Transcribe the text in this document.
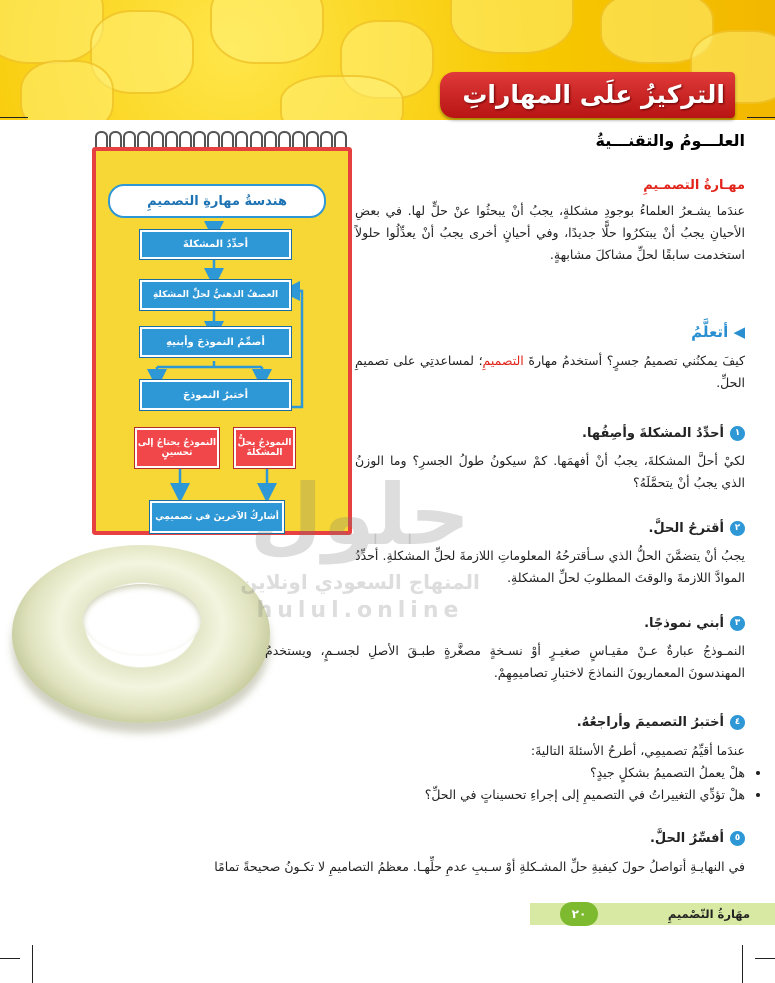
التركيزُ علَى المهاراتِ
هندسةُ مهارةِ التصميمِ
أحدِّدُ المشكلةَ
العصفُ الذهنيُّ لحلِّ المشكلةِ
أصمِّمُ النموذجَ وأبنيهِ
أختبرُ النموذجَ
النموذجُ يحلُّ المشكلةَ
النموذجُ يحتاجُ إلى تحسينٍ
أشاركُ الآخرينَ في تصميمِي
العلـــومُ والتقنـــيةُ
مهـارةُ التصمـيمِ
عندَما يشـعرُ العلماءُ بوجودِ مشكلةٍ، يجبُ أنْ يبحثُوا عنْ حلٍّ لها. في بعضِ الأحيانِ يجبُ أنْ يبتكرُوا حلًّا جديدًا، وفي أحيانٍ أخرى يجبُ أنْ يعدِّلُوا حلولاً استخدمت سابقًا لحلِّ مشاكلَ مشابهةٍ.
◀ أتعلَّمُ
كيفَ يمكنُني تصميمُ جسرٍ؟ أستخدمُ مهارةَ التصميمِ؛ لمساعدتِي على تصميمِ الحلِّ.
١
أحدِّدُ المشكلةَ وأصِفُها.
لكيْ أحلَّ المشكلةَ، يجبُ أنْ أفهمَها. كمْ سيكونُ طولُ الجسرِ؟ وما الوزنُ الذي يجبُ أنْ يتحمَّلَهُ؟
٢
أقترحُ الحلَّ.
يجبُ أنْ يتضمَّنَ الحلُّ الذي سـأقترحُهُ المعلوماتِ اللازمةَ لحلِّ المشكلةِ. أحدِّدُ الموادَّ اللازمةَ والوقتَ المطلوبَ لحلِّ المشكلةِ.
٣
أبني نموذجًا.
النمـوذجُ عبارةٌ عـنْ مقيـاسٍ صغيـرٍ أوْ نسـخةٍ مصغَّرةٍ طبـقَ الأصلِ لجسـمٍ، ويستخدمُ المهندسونَ المعماريونَ النماذجَ لاختبارِ تصاميمِهِمْ.
٤
أختبرُ التصميمَ وأراجعُهُ.
عندَما أقيِّمُ تصميمِي، أطرحُ الأسئلةَ التاليةَ:
• هلْ يعملُ التصميمُ بشكلٍ جيدٍ؟
• هلْ تؤدِّي التغييراتُ في التصميمِ إلى إجراءِ تحسيناتٍ في الحلِّ؟
٥
أفسِّرُ الحلَّ.
في النهايـةِ أتواصلُ حولَ كيفيةِ حلِّ المشـكلةِ أوْ سـببِ عدمِ حلِّهـا. معظمُ التصاميمِ لا تكـونُ صحيحةً تمامًا
حلول
المنهاج السعودي اونلاين
hulul.online
مهَارةُ التّصْميمِ
٢٠
